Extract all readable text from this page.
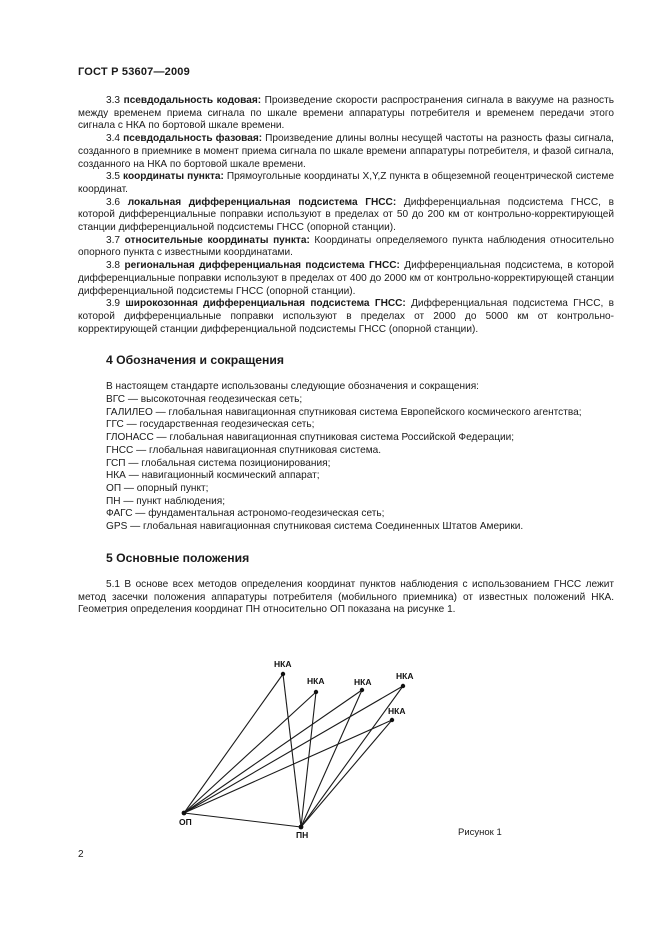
ГОСТ Р 53607—2009

3.3 псевдодальность кодовая: Произведение скорости распространения сигнала в вакууме на разность между временем приема сигнала по шкале времени аппаратуры потребителя и временем передачи этого сигнала с НКА по бортовой шкале времени.

3.4 псевдодальность фазовая: Произведение длины волны несущей частоты на разность фазы сигнала, созданного в приемнике в момент приема сигнала по шкале времени аппаратуры потребителя, и фазой сигнала, созданного на НКА по бортовой шкале времени.

3.5 координаты пункта: Прямоугольные координаты X,Y,Z пункта в общеземной геоцентрической системе координат.

3.6 локальная дифференциальная подсистема ГНСС: Дифференциальная подсистема ГНСС, в которой дифференциальные поправки используют в пределах от 50 до 200 км от контрольно-корректирующей станции дифференциальной подсистемы ГНСС (опорной станции).

3.7 относительные координаты пункта: Координаты определяемого пункта наблюдения относительно опорного пункта с известными координатами.

3.8 региональная дифференциальная подсистема ГНСС: Дифференциальная подсистема, в которой дифференциальные поправки используют в пределах от 400 до 2000 км от контрольно-корректирующей станции дифференциальной подсистемы ГНСС (опорной станции).

3.9 широкозонная дифференциальная подсистема ГНСС: Дифференциальная подсистема ГНСС, в которой дифференциальные поправки используют в пределах от 2000 до 5000 км от контрольно-корректирующей станции дифференциальной подсистемы ГНСС (опорной станции).

4 Обозначения и сокращения

В настоящем стандарте использованы следующие обозначения и сокращения:

ВГС — высокоточная геодезическая сеть;

ГАЛИЛЕО — глобальная навигационная спутниковая система Европейского космического агентства;

ГГС — государственная геодезическая сеть;

ГЛОНАСС — глобальная навигационная спутниковая система Российской Федерации;

ГНСС — глобальная навигационная спутниковая система.

ГСП — глобальная система позиционирования;

НКА — навигационный космический аппарат;

ОП — опорный пункт;

ПН — пункт наблюдения;

ФАГС — фундаментальная астрономо-геодезическая сеть;

GPS — глобальная навигационная спутниковая система Соединенных Штатов Америки.

5 Основные положения

5.1 В основе всех методов определения координат пунктов наблюдения с использованием ГНСС лежит метод засечки положения аппаратуры потребителя (мобильного приемника) от известных положений НКА. Геометрия определения координат ПН относительно ОП показана на рисунке 1.

НКА
НКА	НКА
НКА
НКА
ОП
ПН	Рисунок 1
2
